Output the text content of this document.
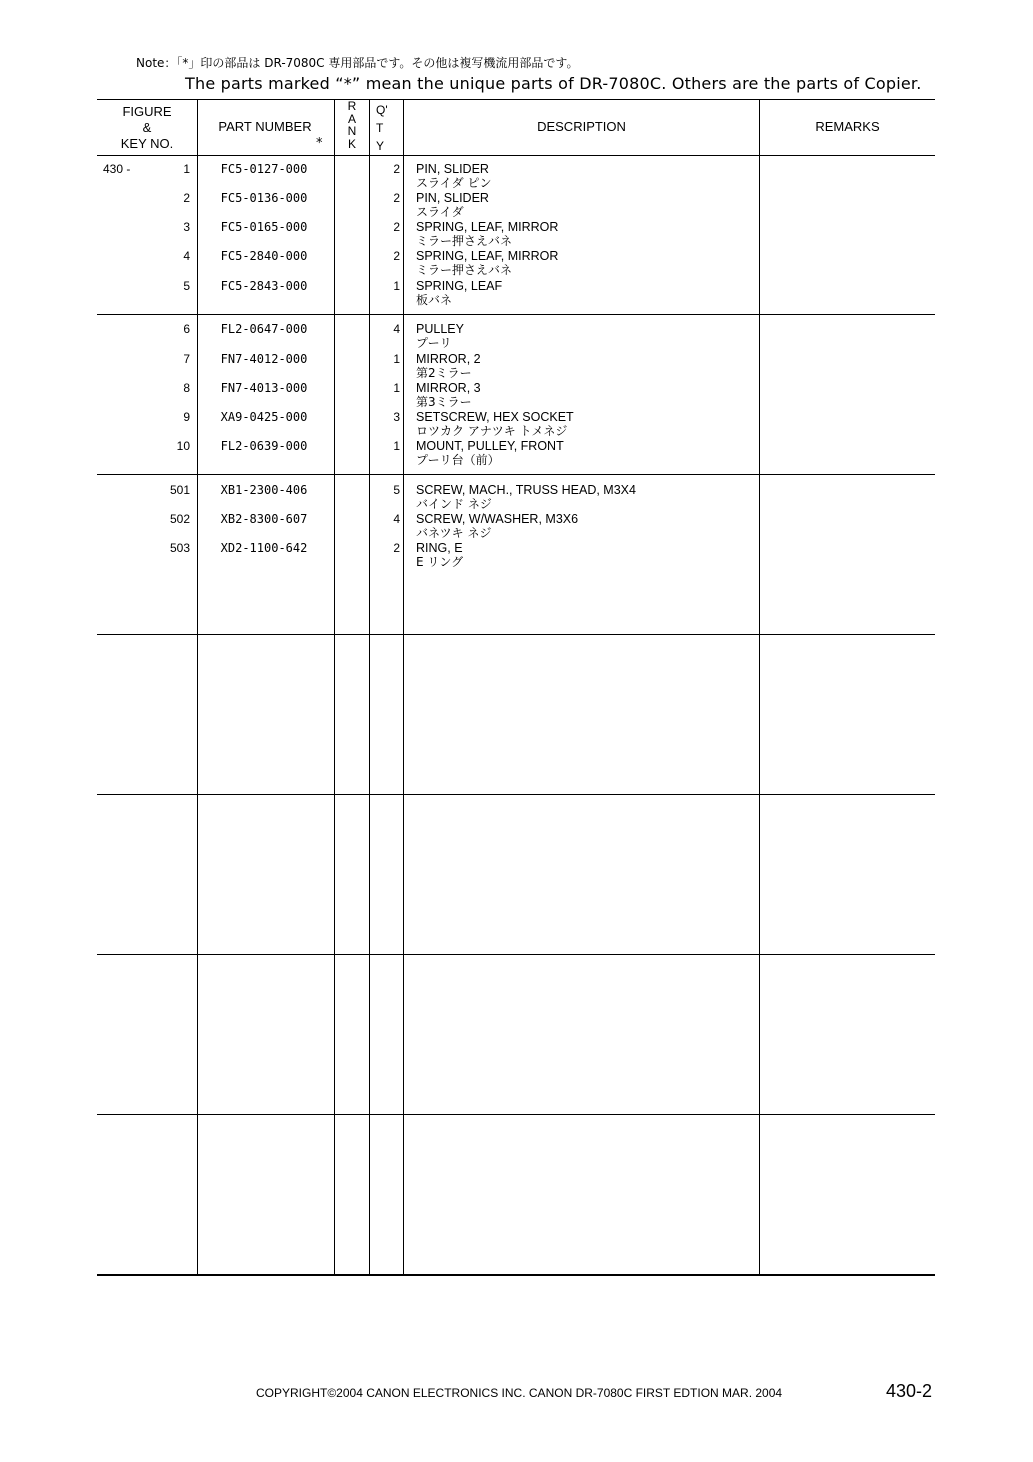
Note：「*」印の部品は DR-7080C 専用部品です。その他は複写機流用部品です。
The parts marked “*” mean the unique parts of DR-7080C. Others are the parts of Copier.
FIGURE
&
KEY NO.
PART NUMBER
*
R
A
N
K
Q'
T
Y
DESCRIPTION	REMARKS
430 -	1	FC5-0127-000	2 PIN, SLIDER
スライダ ピン
2	FC5-0136-000	2 PIN, SLIDER
スライダ
3	FC5-0165-000	2 SPRING, LEAF, MIRROR
ミラー押さえバネ
4	FC5-2840-000	2 SPRING, LEAF, MIRROR
ミラー押さえバネ
5	FC5-2843-000	1 SPRING, LEAF
板バネ
6	FL2-0647-000	4 PULLEY
プーリ
7	FN7-4012-000	1 MIRROR, 2
第2ミラー
8	FN7-4013-000	1 MIRROR, 3
第3ミラー
9	XA9-0425-000	3 SETSCREW, HEX SOCKET
ロツカク アナツキ トメネジ
10	FL2-0639-000	1 MOUNT, PULLEY, FRONT
プーリ台（前）
501	XB1-2300-406	5 SCREW, MACH., TRUSS HEAD, M3X4
バインド ネジ
502	XB2-8300-607	4 SCREW, W/WASHER, M3X6
バネツキ ネジ
503	XD2-1100-642	2 RING, E
E リング
COPYRIGHT©2004 CANON ELECTRONICS INC. CANON DR-7080C FIRST EDTION MAR. 2004	430-2
